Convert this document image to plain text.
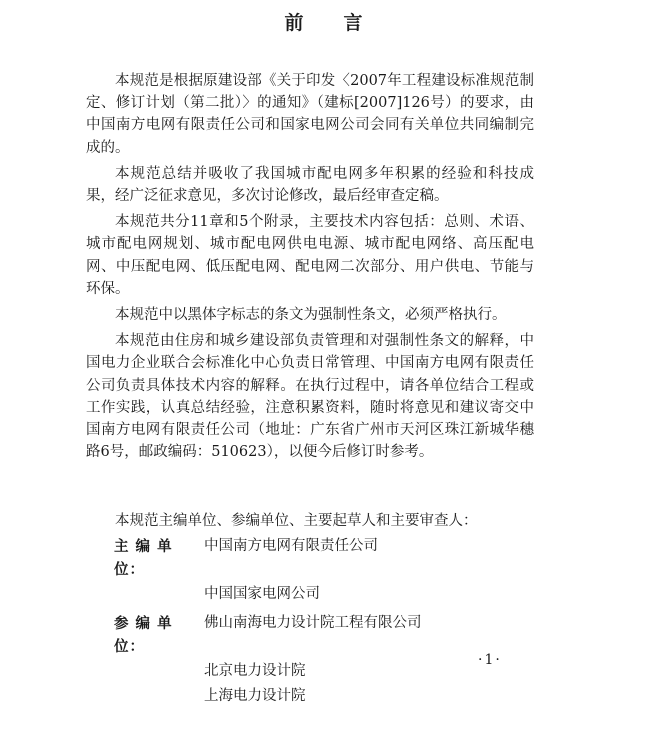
前 言

本规范是根据原建设部《关于印发〈2007年工程建设标准规范制定、修订计划（第二批）〉的通知》（建标[2007]126号）的要求，由中国南方电网有限责任公司和国家电网公司会同有关单位共同编制完成的。

本规范总结并吸收了我国城市配电网多年积累的经验和科技成果，经广泛征求意见，多次讨论修改，最后经审查定稿。

本规范共分11章和5个附录，主要技术内容包括：总则、术语、城市配电网规划、城市配电网供电电源、城市配电网络、高压配电网、中压配电网、低压配电网、配电网二次部分、用户供电、节能与环保。

本规范中以黑体字标志的条文为强制性条文，必须严格执行。

本规范由住房和城乡建设部负责管理和对强制性条文的解释，中国电力企业联合会标准化中心负责日常管理、中国南方电网有限责任公司负责具体技术内容的解释。在执行过程中，请各单位结合工程或工作实践，认真总结经验，注意积累资料，随时将意见和建议寄交中国南方电网有限责任公司（地址：广东省广州市天河区珠江新城华穗路6号，邮政编码：510623），以便今后修订时参考。

本规范主编单位、参编单位、主要起草人和主要审查人：

主 编 单 位：
中国南方电网有限责任公司
中国国家电网公司
参 编 单 位：
佛山南海电力设计院工程有限公司
北京电力设计院
上海电力设计院
·1·
